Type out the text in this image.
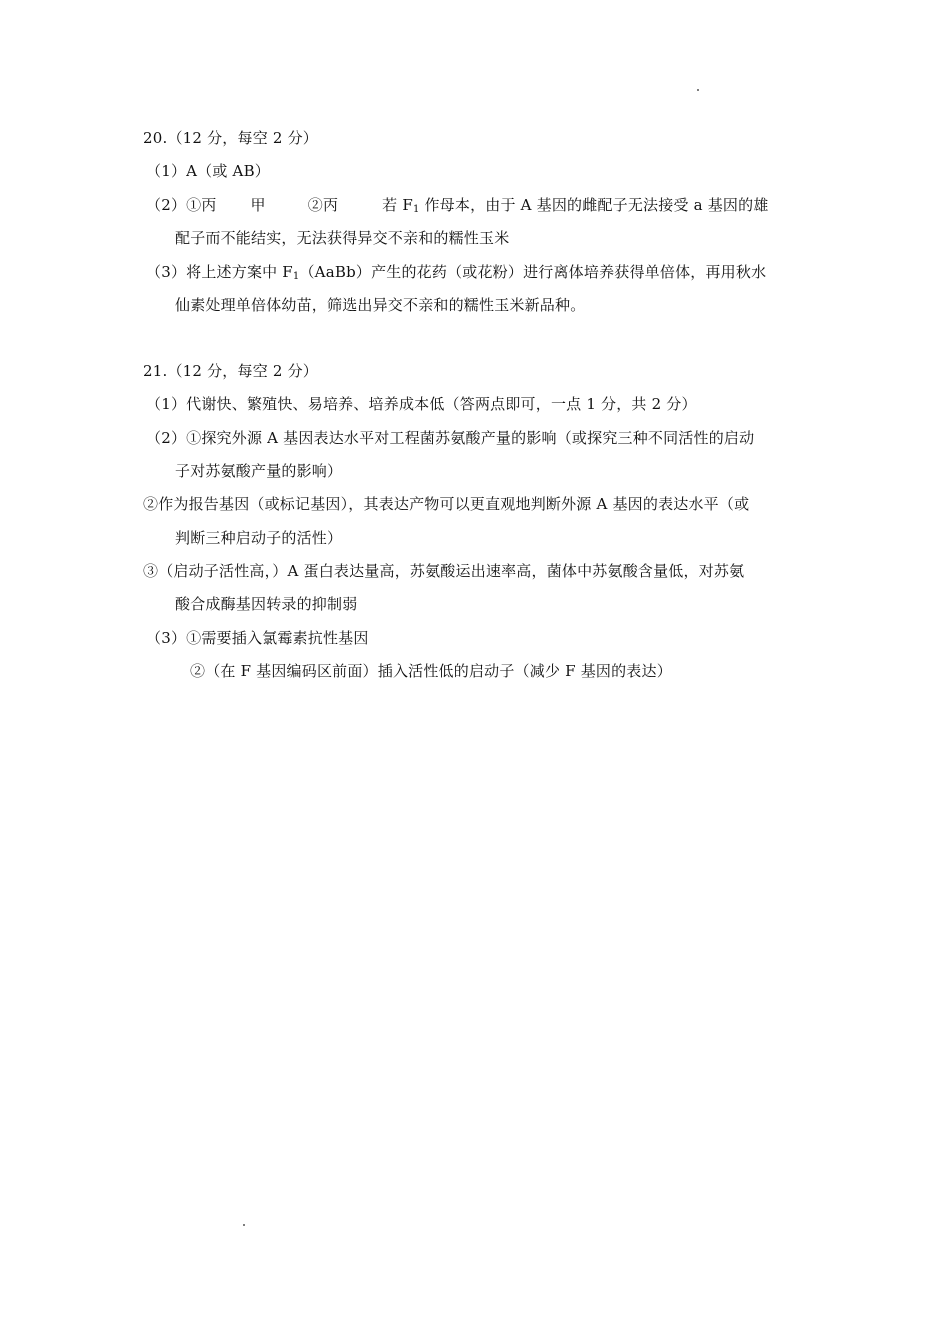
20.（12 分，每空 2 分）
（1）A（或 AB）
（2）①丙 甲	②丙	若 $F_1$ 作母本，由于 A 基因的雌配子无法接受 a 基因的雄
配子而不能结实，无法获得异交不亲和的糯性玉米
（3）将上述方案中 $F_1(AaBb)$产生的花药（或花粉）进行离体培养获得单倍体，再用秋水
仙素处理单倍体幼苗，筛选出异交不亲和的糯性玉米新品种。
21.（12 分，每空 2 分）
（1）代谢快、繁殖快、易培养、培养成本低（答两点即可，一点 1 分，共 2 分）
（2）①探究外源 A 基因表达水平对工程菌苏氨酸产量的影响（或探究三种不同活性的启动
子对苏氨酸产量的影响）
②作为报告基因（或标记基因），其表达产物可以更直观地判断外源 A 基因的表达水平（或
判断三种启动子的活性）
③（启动子活性高，）A 蛋白表达量高，苏氨酸运出速率高，菌体中苏氨酸含量低，对苏氨
酸合成酶基因转录的抑制弱
（3）①需要插入氯霉素抗性基因
②（在 F 基因编码区前面）插入活性低的启动子（减少 F 基因的表达）
